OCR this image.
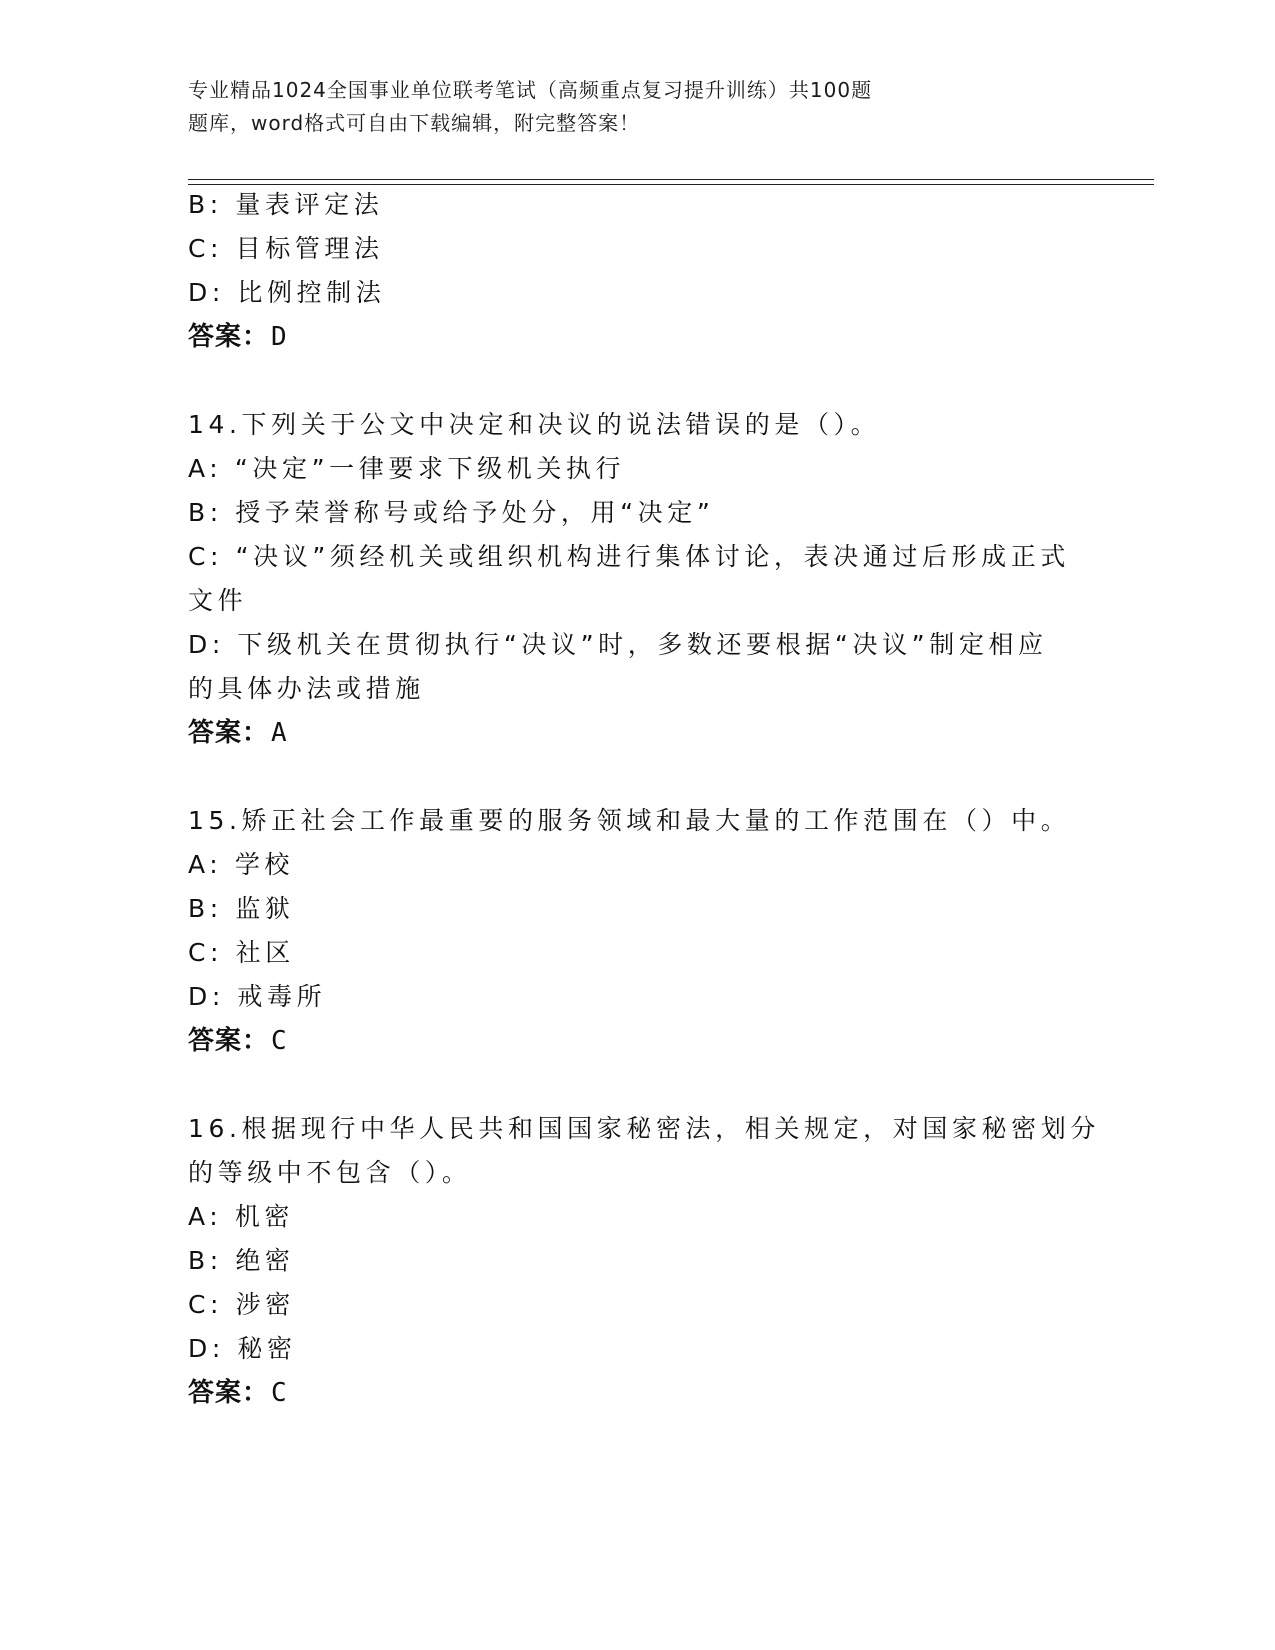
专业精品1024全国事业单位联考笔试（高频重点复习提升训练）共100题
题库，word格式可自由下载编辑，附完整答案！
B: 量表评定法
C: 目标管理法
D: 比例控制法
答案：D
14.下列关于公文中决定和决议的说法错误的是（）。
A: “决定”一律要求下级机关执行
B: 授予荣誉称号或给予处分，用“决定”
C: “决议”须经机关或组织机构进行集体讨论，表决通过后形成正式
文件
D: 下级机关在贯彻执行“决议”时，多数还要根据“决议”制定相应
的具体办法或措施
答案：A
15.矫正社会工作最重要的服务领域和最大量的工作范围在（）中。
A: 学校
B: 监狱
C: 社区
D: 戒毒所
答案：C
16.根据现行中华人民共和国国家秘密法，相关规定，对国家秘密划分
的等级中不包含（）。
A: 机密
B: 绝密
C: 涉密
D: 秘密
答案：C
